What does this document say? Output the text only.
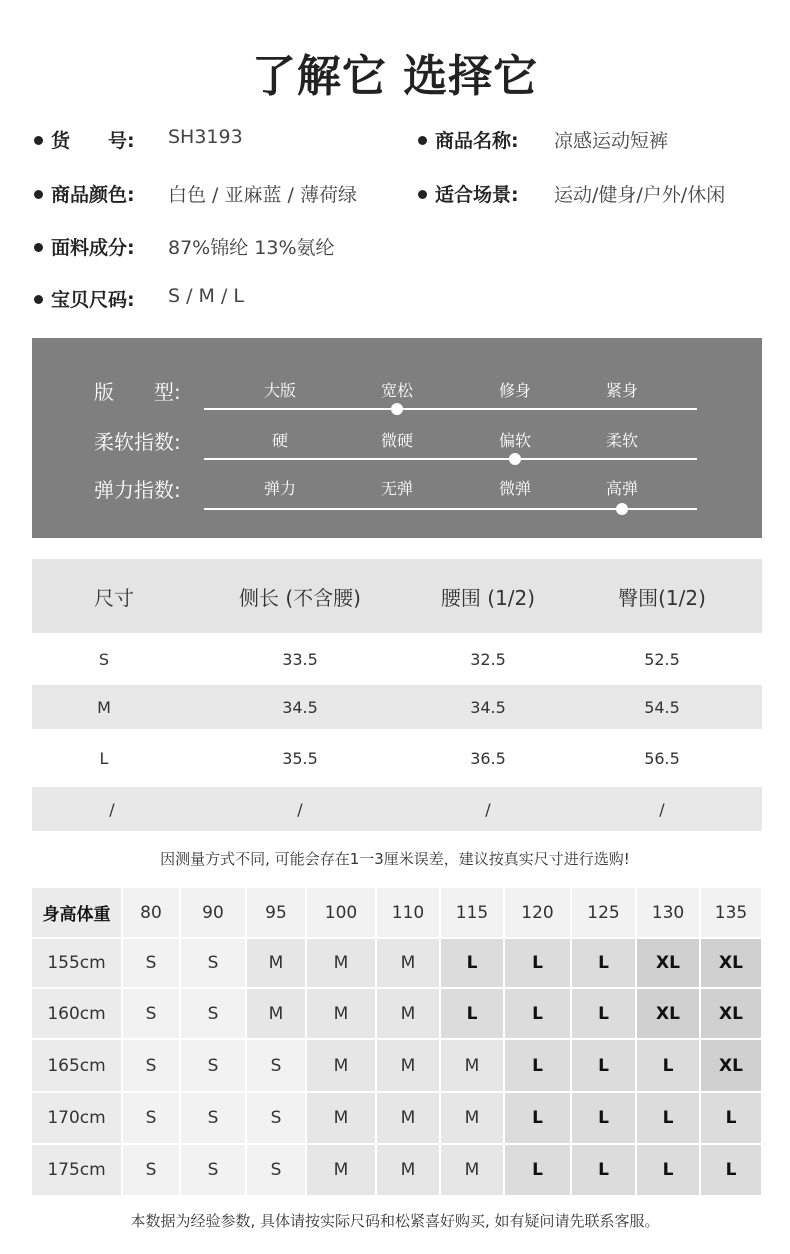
了解它 选择它
货　　号: SH3193	商品名称: 凉感运动短裤
商品颜色: 白色 / 亚麻蓝 / 薄荷绿	适合场景: 运动/健身/户外/休闲
面料成分: 87%锦纶 13%氨纶
宝贝尺码: S / M / L
版　　型:	大版	宽松	修身	紧身
柔软指数:	硬	微硬	偏软	柔软
弹力指数:	弹力	无弹	微弹	高弹
尺寸	侧长 (不含腰)	腰围 (1/2)	臀围(1/2)
S	33.5	32.5	52.5
M	34.5	34.5	54.5
L	35.5	36.5	56.5
/	/	/	/
因测量方式不同, 可能会存在1一3厘米误差，建议按真实尺寸进行选购!
身高体重	80	90	95	100	110	115	120	125	130	135
155cm	S	S	M	M	M	L	L	L	XL	XL
160cm	S	S	M	M	M	L	L	L	XL	XL
165cm	S	S	S	M	M	M	L	L	L	XL
170cm	S	S	S	M	M	M	L	L	L	L
175cm	S	S	S	M	M	M	L	L	L	L
本数据为经验参数, 具体请按实际尺码和松紧喜好购买, 如有疑问请先联系客服。
